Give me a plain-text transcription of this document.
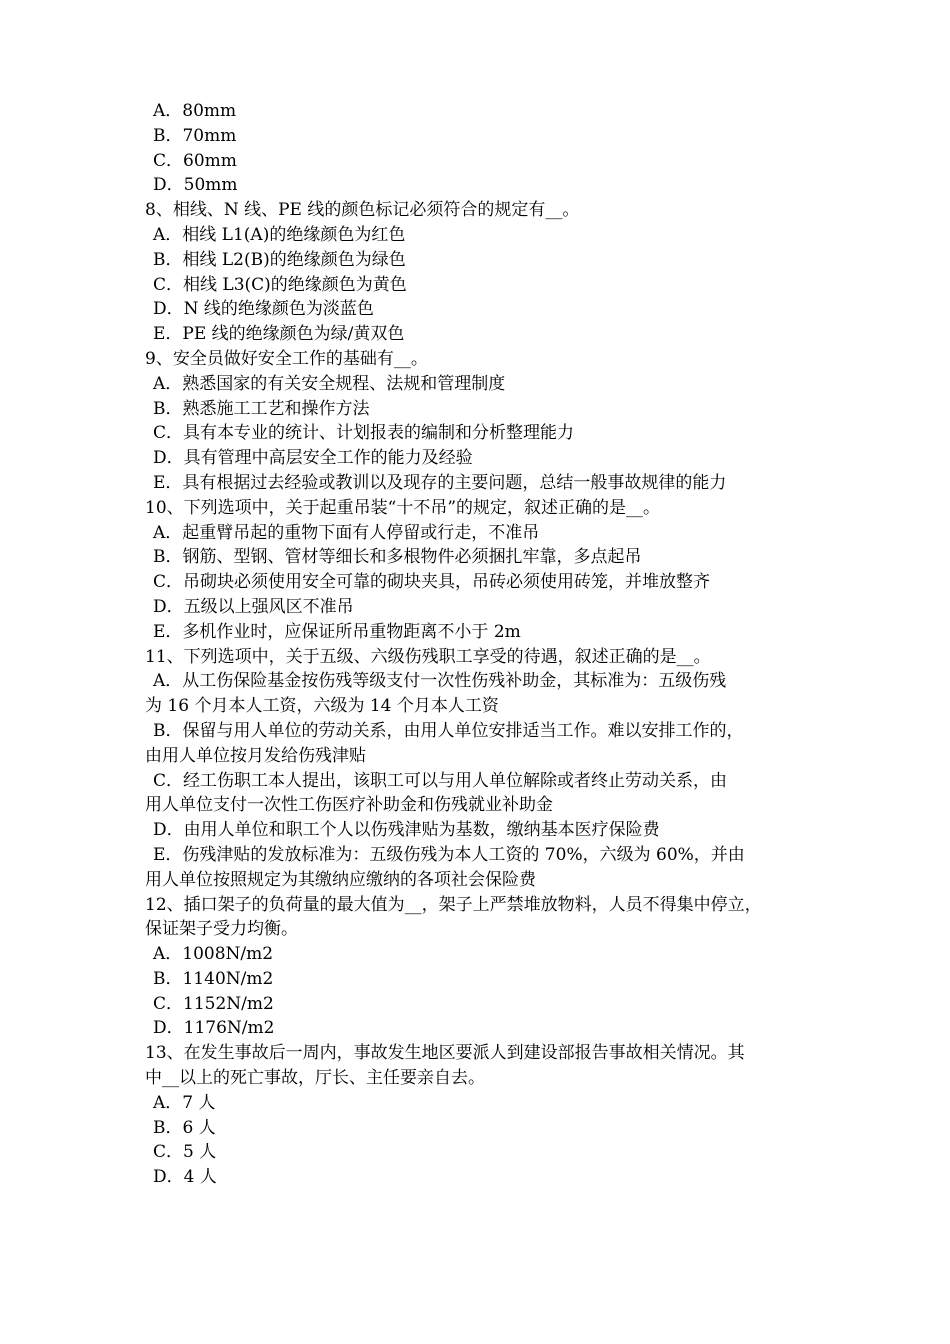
A．80mm
B．70mm
C．60mm
D．50mm
8、相线、N 线、PE 线的颜色标记必须符合的规定有__。
A．相线 L1(A)的绝缘颜色为红色
B．相线 L2(B)的绝缘颜色为绿色
C．相线 L3(C)的绝缘颜色为黄色
D．N 线的绝缘颜色为淡蓝色
E．PE 线的绝缘颜色为绿/黄双色
9、安全员做好安全工作的基础有__。
A．熟悉国家的有关安全规程、法规和管理制度
B．熟悉施工工艺和操作方法
C．具有本专业的统计、计划报表的编制和分析整理能力
D．具有管理中高层安全工作的能力及经验
E．具有根据过去经验或教训以及现存的主要问题，总结一般事故规律的能力
10、下列选项中，关于起重吊装“十不吊”的规定，叙述正确的是__。
A．起重臂吊起的重物下面有人停留或行走，不准吊
B．钢筋、型钢、管材等细长和多根物件必须捆扎牢靠，多点起吊
C．吊砌块必须使用安全可靠的砌块夹具，吊砖必须使用砖笼，并堆放整齐
D．五级以上强风区不准吊
E．多机作业时，应保证所吊重物距离不小于 2m
11、下列选项中，关于五级、六级伤残职工享受的待遇，叙述正确的是__。
A．从工伤保险基金按伤残等级支付一次性伤残补助金，其标准为：五级伤残
为 16 个月本人工资，六级为 14 个月本人工资
B．保留与用人单位的劳动关系，由用人单位安排适当工作。难以安排工作的，
由用人单位按月发给伤残津贴
C．经工伤职工本人提出，该职工可以与用人单位解除或者终止劳动关系，由
用人单位支付一次性工伤医疗补助金和伤残就业补助金
D．由用人单位和职工个人以伤残津贴为基数，缴纳基本医疗保险费
E．伤残津贴的发放标准为：五级伤残为本人工资的 70%，六级为 60%，并由
用人单位按照规定为其缴纳应缴纳的各项社会保险费
12、插口架子的负荷量的最大值为__，架子上严禁堆放物料，人员不得集中停立，
保证架子受力均衡。
A．1008N/m2
B．1140N/m2
C．1152N/m2
D．1176N/m2
13、在发生事故后一周内，事故发生地区要派人到建设部报告事故相关情况。其
中__以上的死亡事故，厅长、主任要亲自去。
A．7 人
B．6 人
C．5 人
D．4 人
